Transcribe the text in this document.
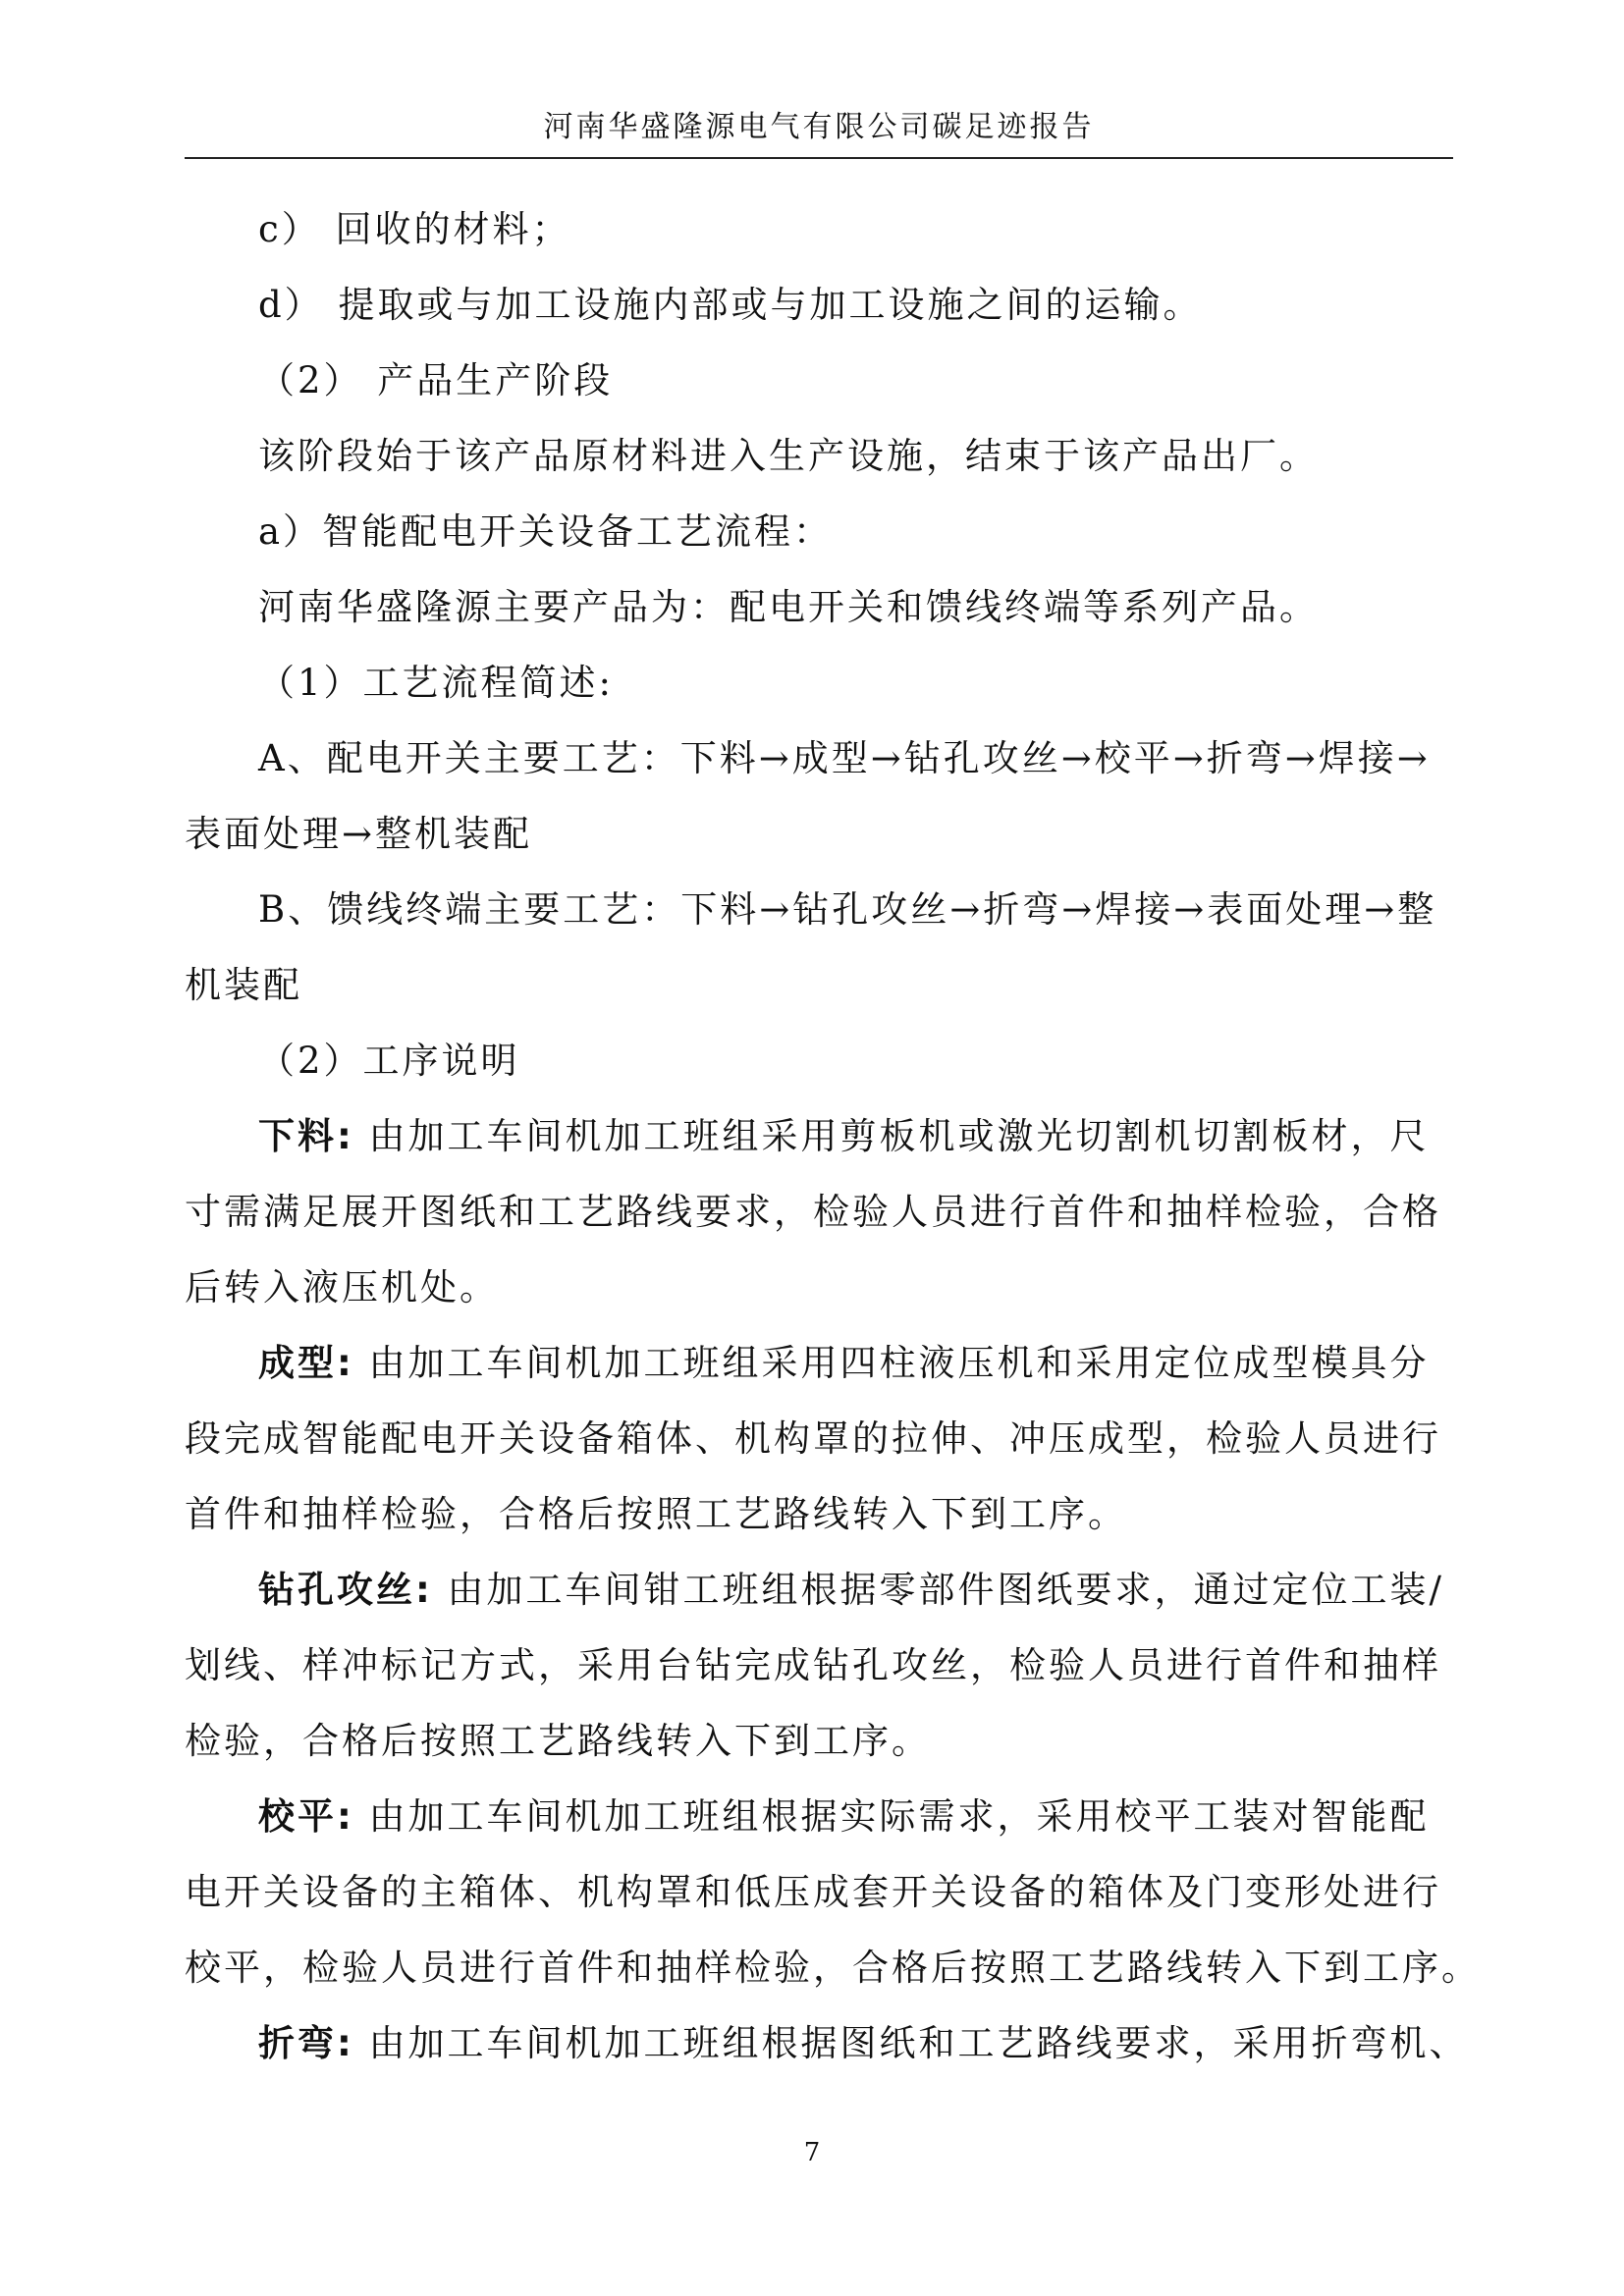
河南华盛隆源电气有限公司碳足迹报告

c） 回收的材料；

d） 提取或与加工设施内部或与加工设施之间的运输。

（2） 产品生产阶段

该阶段始于该产品原材料进入生产设施，结束于该产品出厂。

a）智能配电开关设备工艺流程：

河南华盛隆源主要产品为：配电开关和馈线终端等系列产品。

（1）工艺流程简述:

A、配电开关主要工艺：下料→成型→钻孔攻丝→校平→折弯→焊接→
表面处理→整机装配
B、馈线终端主要工艺：下料→钻孔攻丝→折弯→焊接→表面处理→整
机装配

（2）工序说明

下料: 由加工车间机加工班组采用剪板机或激光切割机切割板材，尺
寸需满足展开图纸和工艺路线要求，检验人员进行首件和抽样检验，合格
后转入液压机处。
成型: 由加工车间机加工班组采用四柱液压机和采用定位成型模具分
段完成智能配电开关设备箱体、机构罩的拉伸、冲压成型，检验人员进行
首件和抽样检验，合格后按照工艺路线转入下到工序。
钻孔攻丝: 由加工车间钳工班组根据零部件图纸要求，通过定位工装/
划线、样冲标记方式，采用台钻完成钻孔攻丝，检验人员进行首件和抽样
检验，合格后按照工艺路线转入下到工序。
校平: 由加工车间机加工班组根据实际需求，采用校平工装对智能配
电开关设备的主箱体、机构罩和低压成套开关设备的箱体及门变形处进行
校平，检验人员进行首件和抽样检验，合格后按照工艺路线转入下到工序。
折弯: 由加工车间机加工班组根据图纸和工艺路线要求，采用折弯机、
7
